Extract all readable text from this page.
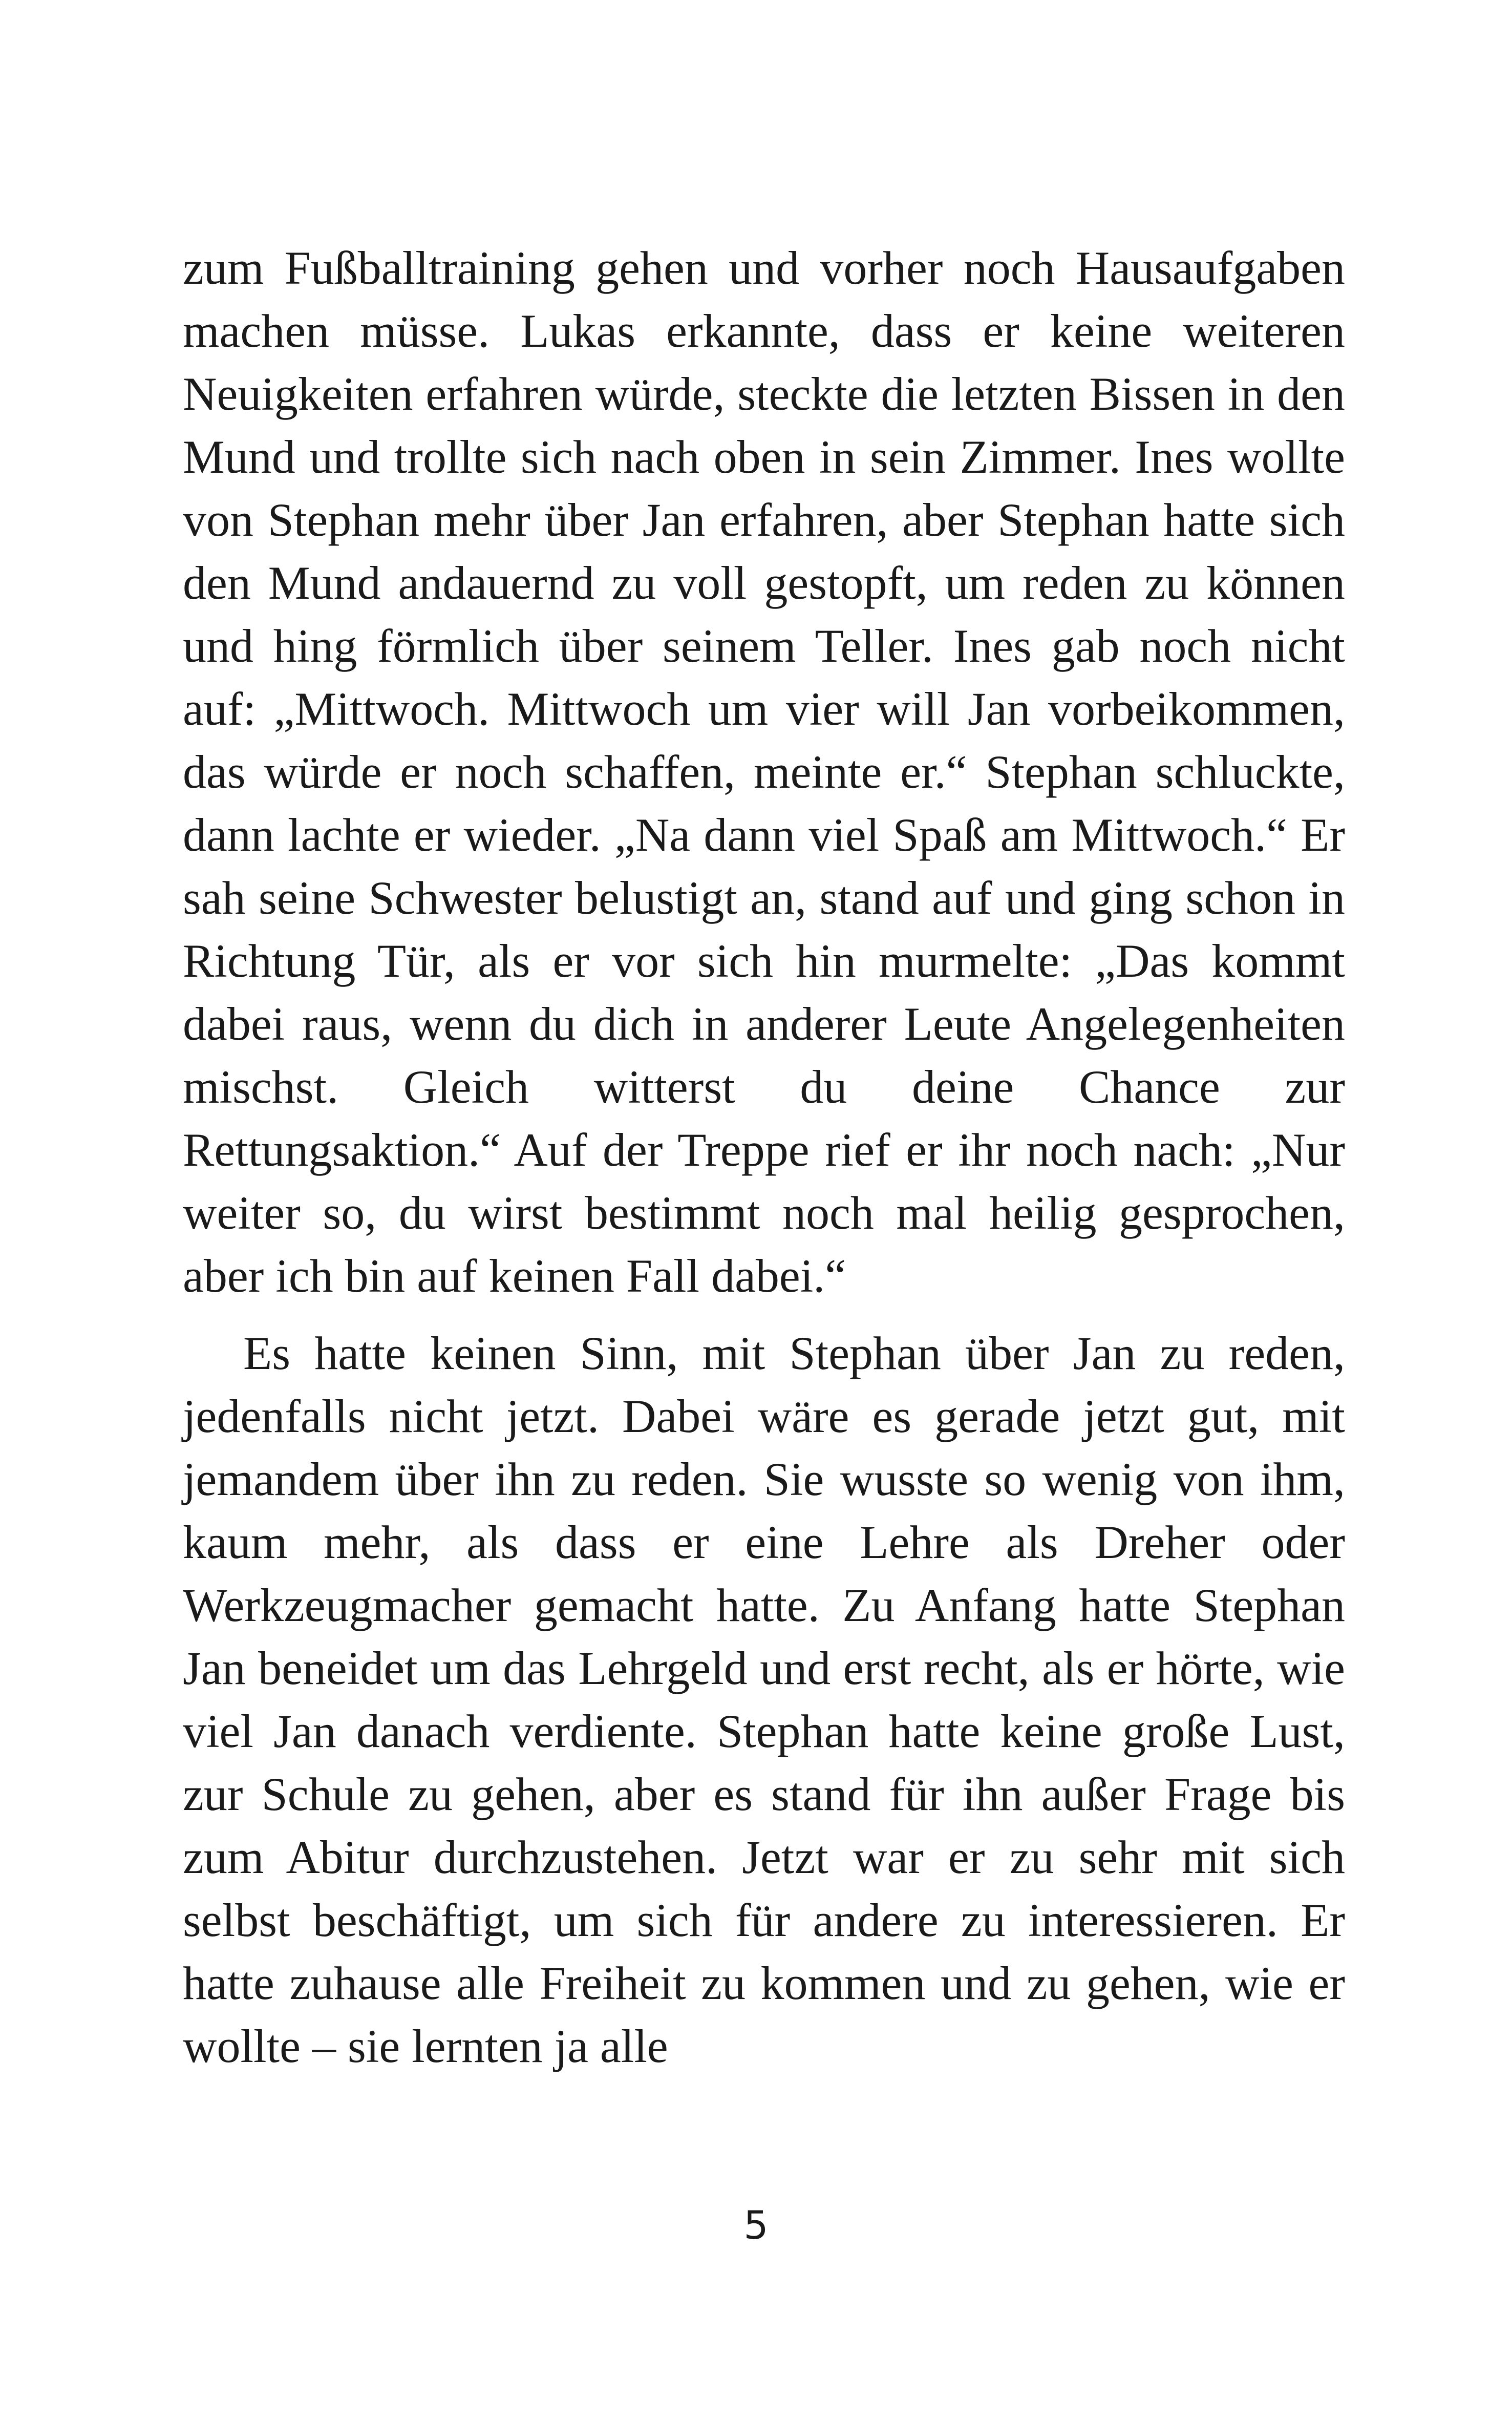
zum Fußballtraining gehen und vorher noch Hausaufgaben machen müsse. Lukas erkannte, dass er keine weiteren Neuigkeiten erfahren würde, steckte die letzten Bissen in den Mund und trollte sich nach oben in sein Zimmer. Ines wollte von Stephan mehr über Jan erfahren, aber Stephan hatte sich den Mund andauernd zu voll gestopft, um reden zu können und hing förmlich über seinem Teller. Ines gab noch nicht auf: „Mittwoch. Mittwoch um vier will Jan vorbeikommen, das würde er noch schaffen, meinte er.“ Stephan schluckte, dann lachte er wieder. „Na dann viel Spaß am Mittwoch.“ Er sah seine Schwester belustigt an, stand auf und ging schon in Richtung Tür, als er vor sich hin murmelte: „Das kommt dabei raus, wenn du dich in anderer Leute Angelegenheiten mischst. Gleich witterst du deine Chance zur Rettungsaktion.“ Auf der Treppe rief er ihr noch nach: „Nur weiter so, du wirst bestimmt noch mal heilig gesprochen, aber ich bin auf keinen Fall dabei.“

Es hatte keinen Sinn, mit Stephan über Jan zu reden, jedenfalls nicht jetzt. Dabei wäre es gerade jetzt gut, mit jemandem über ihn zu reden. Sie wusste so wenig von ihm, kaum mehr, als dass er eine Lehre als Dreher oder Werkzeugmacher gemacht hatte. Zu Anfang hatte Stephan Jan beneidet um das Lehrgeld und erst recht, als er hörte, wie viel Jan danach verdiente. Stephan hatte keine große Lust, zur Schule zu gehen, aber es stand für ihn außer Frage bis zum Abitur durchzustehen. Jetzt war er zu sehr mit sich selbst beschäftigt, um sich für andere zu interessieren. Er hatte zuhause alle Freiheit zu kommen und zu gehen, wie er wollte – sie lernten ja alle

5
